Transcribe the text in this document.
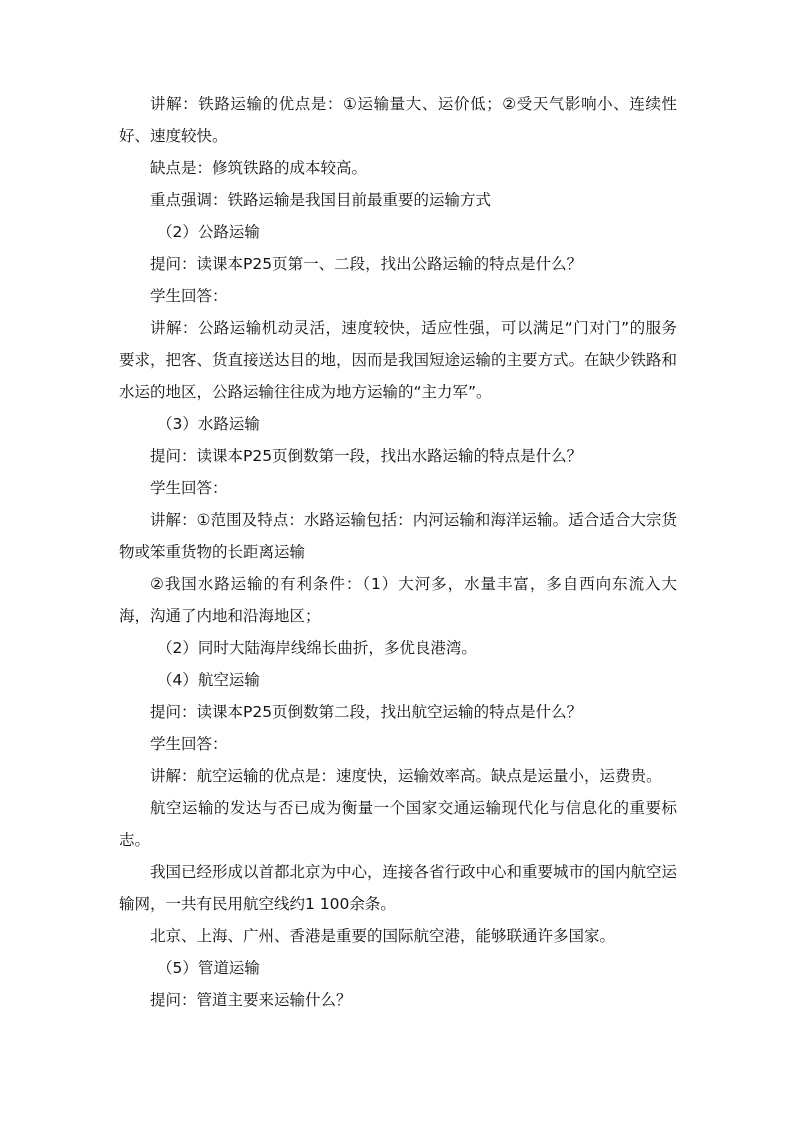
讲解：铁路运输的优点是：①运输量大、运价低；②受天气影响小、连续性好、速度较快。

缺点是：修筑铁路的成本较高。

重点强调：铁路运输是我国目前最重要的运输方式

（2）公路运输

提问：读课本P25页第一、二段，找出公路运输的特点是什么？

学生回答：

讲解：公路运输机动灵活，速度较快，适应性强，可以满足“门对门”的服务要求，把客、货直接送达目的地，因而是我国短途运输的主要方式。在缺少铁路和水运的地区，公路运输往往成为地方运输的“主力军”。

（3）水路运输

提问：读课本P25页倒数第一段，找出水路运输的特点是什么？

学生回答：

讲解：①范围及特点：水路运输包括：内河运输和海洋运输。适合适合大宗货物或笨重货物的长距离运输

②我国水路运输的有利条件：（1）大河多，水量丰富，多自西向东流入大海，沟通了内地和沿海地区；

（2）同时大陆海岸线绵长曲折，多优良港湾。

（4）航空运输

提问：读课本P25页倒数第二段，找出航空运输的特点是什么？

学生回答：

讲解：航空运输的优点是：速度快，运输效率高。缺点是运量小，运费贵。

航空运输的发达与否已成为衡量一个国家交通运输现代化与信息化的重要标志。

我国已经形成以首都北京为中心，连接各省行政中心和重要城市的国内航空运输网，一共有民用航空线约1 100余条。

北京、上海、广州、香港是重要的国际航空港，能够联通许多国家。

（5）管道运输

提问：管道主要来运输什么？
